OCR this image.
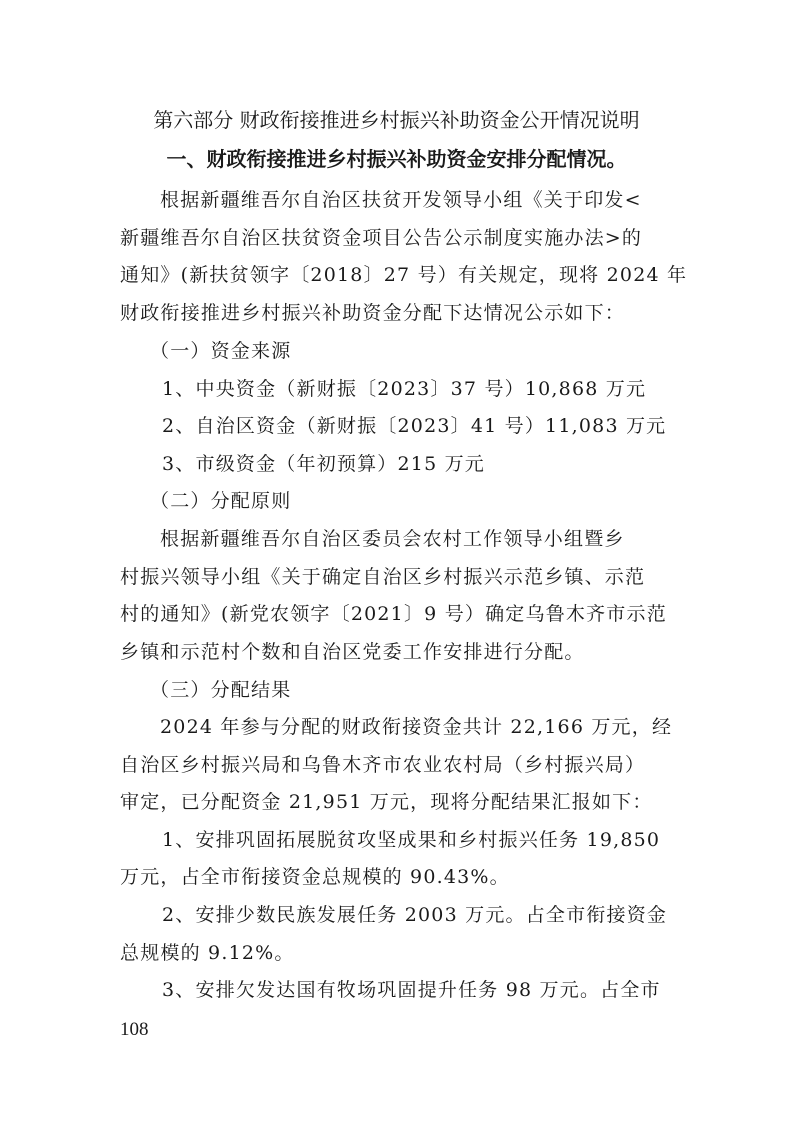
第六部分 财政衔接推进乡村振兴补助资金公开情况说明
一、财政衔接推进乡村振兴补助资金安排分配情况。
根据新疆维吾尔自治区扶贫开发领导小组《关于印发<
新疆维吾尔自治区扶贫资金项目公告公示制度实施办法>的
通知》(新扶贫领字〔2018〕27 号）有关规定，现将 2024 年
财政衔接推进乡村振兴补助资金分配下达情况公示如下：
（一）资金来源
1、中央资金（新财振〔2023〕37 号）10,868 万元
2、自治区资金（新财振〔2023〕41 号）11,083 万元
3、市级资金（年初预算）215 万元
（二）分配原则
根据新疆维吾尔自治区委员会农村工作领导小组暨乡
村振兴领导小组《关于确定自治区乡村振兴示范乡镇、示范
村的通知》(新党农领字〔2021〕9 号）确定乌鲁木齐市示范
乡镇和示范村个数和自治区党委工作安排进行分配。
（三）分配结果
2024 年参与分配的财政衔接资金共计 22,166 万元，经
自治区乡村振兴局和乌鲁木齐市农业农村局（乡村振兴局）
审定，已分配资金 21,951 万元，现将分配结果汇报如下：
1、安排巩固拓展脱贫攻坚成果和乡村振兴任务 19,850
万元，占全市衔接资金总规模的 90.43%。
2、安排少数民族发展任务 2003 万元。占全市衔接资金
总规模的 9.12%。
3、安排欠发达国有牧场巩固提升任务 98 万元。占全市
108
